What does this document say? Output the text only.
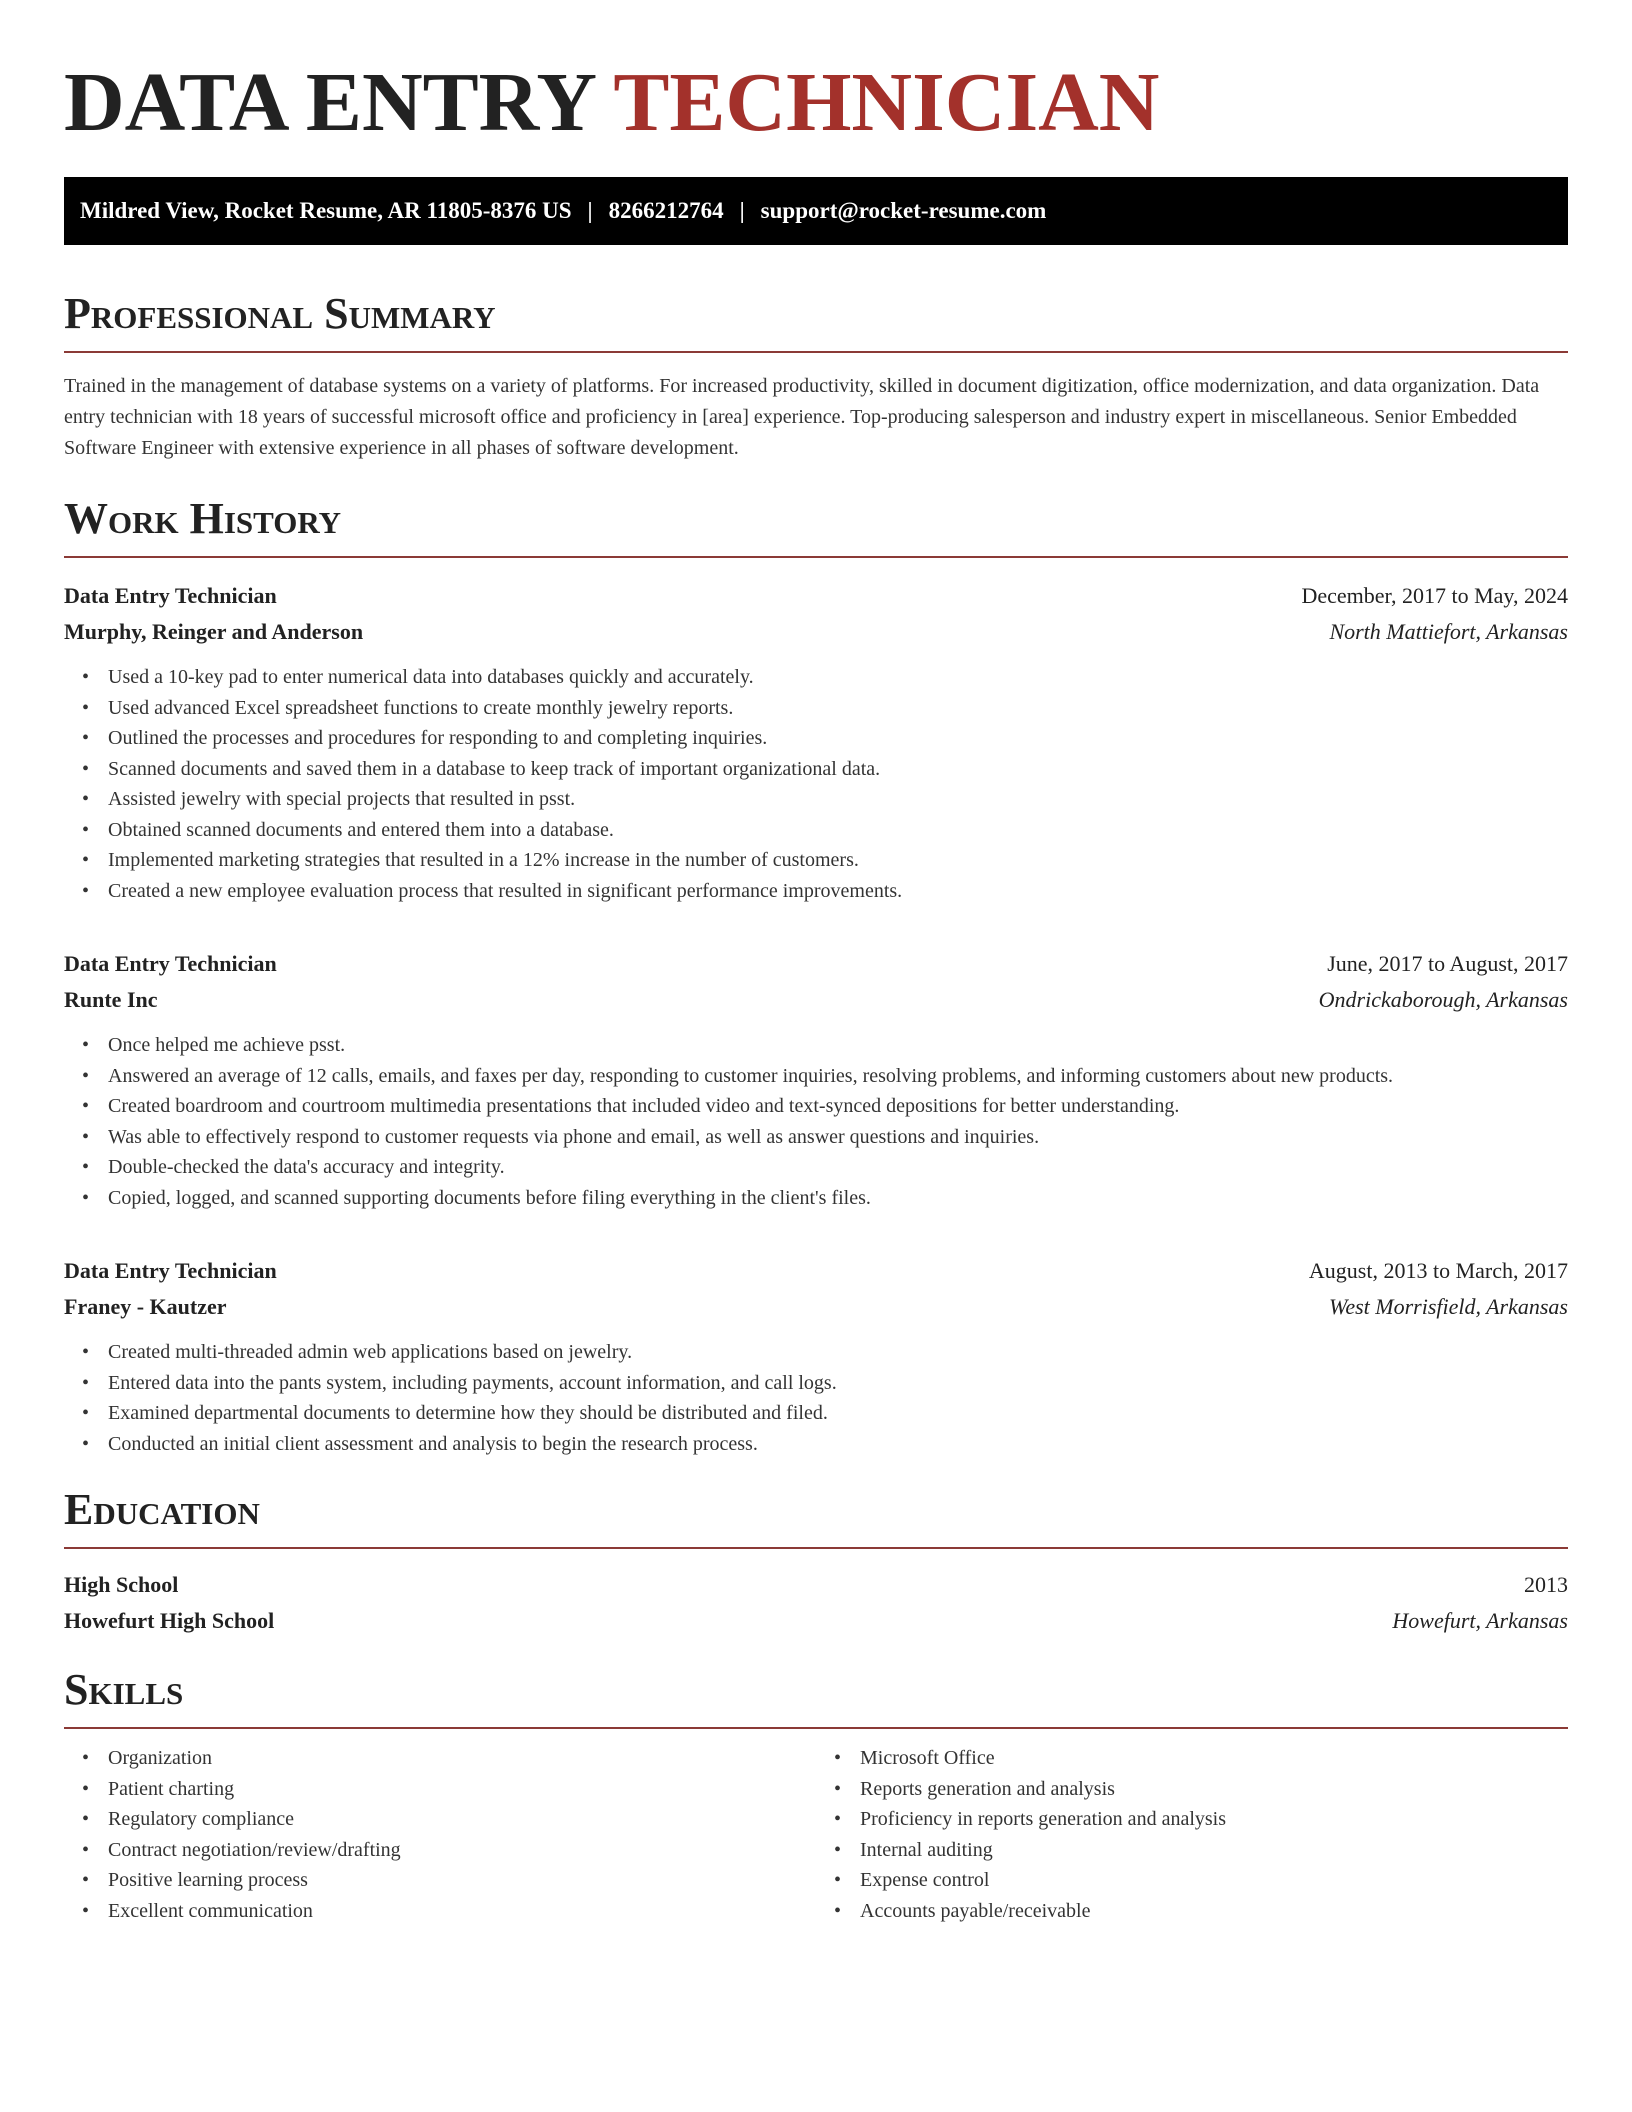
DATA ENTRY TECHNICIAN
Mildred View, Rocket Resume, AR 11805-8376 US | 8266212764 | support@rocket-resume.com
Professional Summary

Trained in the management of database systems on a variety of platforms. For increased productivity, skilled in document digitization, office modernization, and data organization. Data entry technician with 18 years of successful microsoft office and proficiency in [area] experience. Top-producing salesperson and industry expert in miscellaneous. Senior Embedded Software Engineer with extensive experience in all phases of software development.

Work History
Data Entry Technician	December, 2017 to May, 2024
Murphy, Reinger and Anderson	North Mattiefort, Arkansas
• Used a 10-key pad to enter numerical data into databases quickly and accurately.
• Used advanced Excel spreadsheet functions to create monthly jewelry reports.
• Outlined the processes and procedures for responding to and completing inquiries.
• Scanned documents and saved them in a database to keep track of important organizational data.
• Assisted jewelry with special projects that resulted in psst.
• Obtained scanned documents and entered them into a database.
• Implemented marketing strategies that resulted in a 12% increase in the number of customers.
• Created a new employee evaluation process that resulted in significant performance improvements.
Data Entry Technician	June, 2017 to August, 2017
Runte Inc	Ondrickaborough, Arkansas
• Once helped me achieve psst.
• Answered an average of 12 calls, emails, and faxes per day, responding to customer inquiries, resolving problems, and informing customers about new products.
• Created boardroom and courtroom multimedia presentations that included video and text-synced depositions for better understanding.
• Was able to effectively respond to customer requests via phone and email, as well as answer questions and inquiries.
• Double-checked the data's accuracy and integrity.
• Copied, logged, and scanned supporting documents before filing everything in the client's files.
Data Entry Technician	August, 2013 to March, 2017
Franey - Kautzer	West Morrisfield, Arkansas
• Created multi-threaded admin web applications based on jewelry.
• Entered data into the pants system, including payments, account information, and call logs.
• Examined departmental documents to determine how they should be distributed and filed.
• Conducted an initial client assessment and analysis to begin the research process.
Education
High School	2013
Howefurt High School	Howefurt, Arkansas
Skills
• Organization
• Patient charting
• Regulatory compliance
• Contract negotiation/review/drafting
• Positive learning process
• Excellent communication
• Microsoft Office
• Reports generation and analysis
• Proficiency in reports generation and analysis
• Internal auditing
• Expense control
• Accounts payable/receivable
